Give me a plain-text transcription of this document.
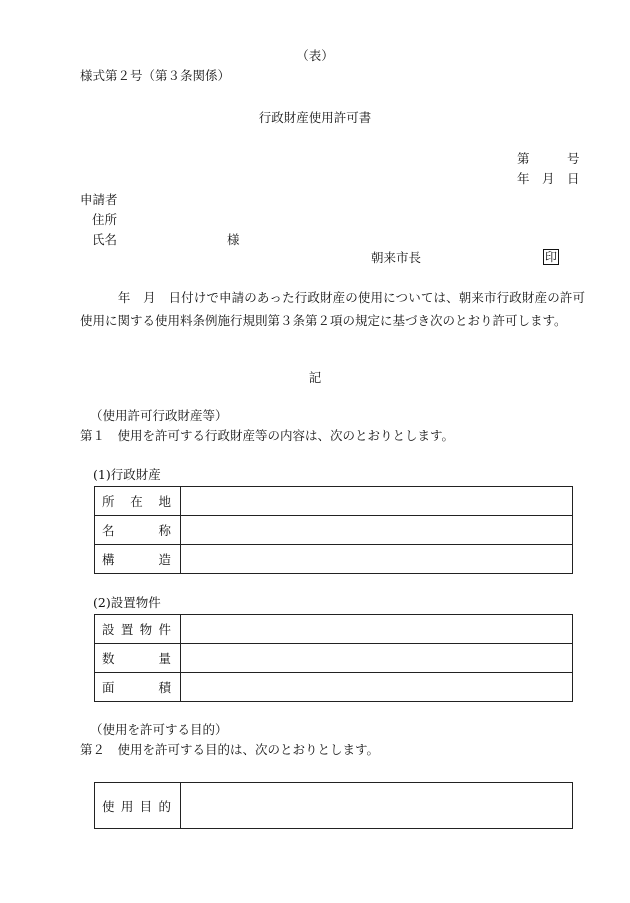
（表）
様式第２号（第３条関係）
行政財産使用許可書
第　　　号
年　月　日
申請者
住所
氏名	様
朝来市長	印
　　　年　月　日付けで申請のあった行政財産の使用については、朝来市行政財産の許可使用に関する使用料条例施行規則第３条第２項の規定に基づき次のとおり許可します。
記
（使用許可行政財産等）
第１　使用を許可する行政財産等の内容は、次のとおりとします。
(1)行政財産
所 在 地	

名 称	

構 造	

(2)設置物件
設 置 物 件	

数 量	

面 積	

（使用を許可する目的）
第２　使用を許可する目的は、次のとおりとします。
使 用 目 的
